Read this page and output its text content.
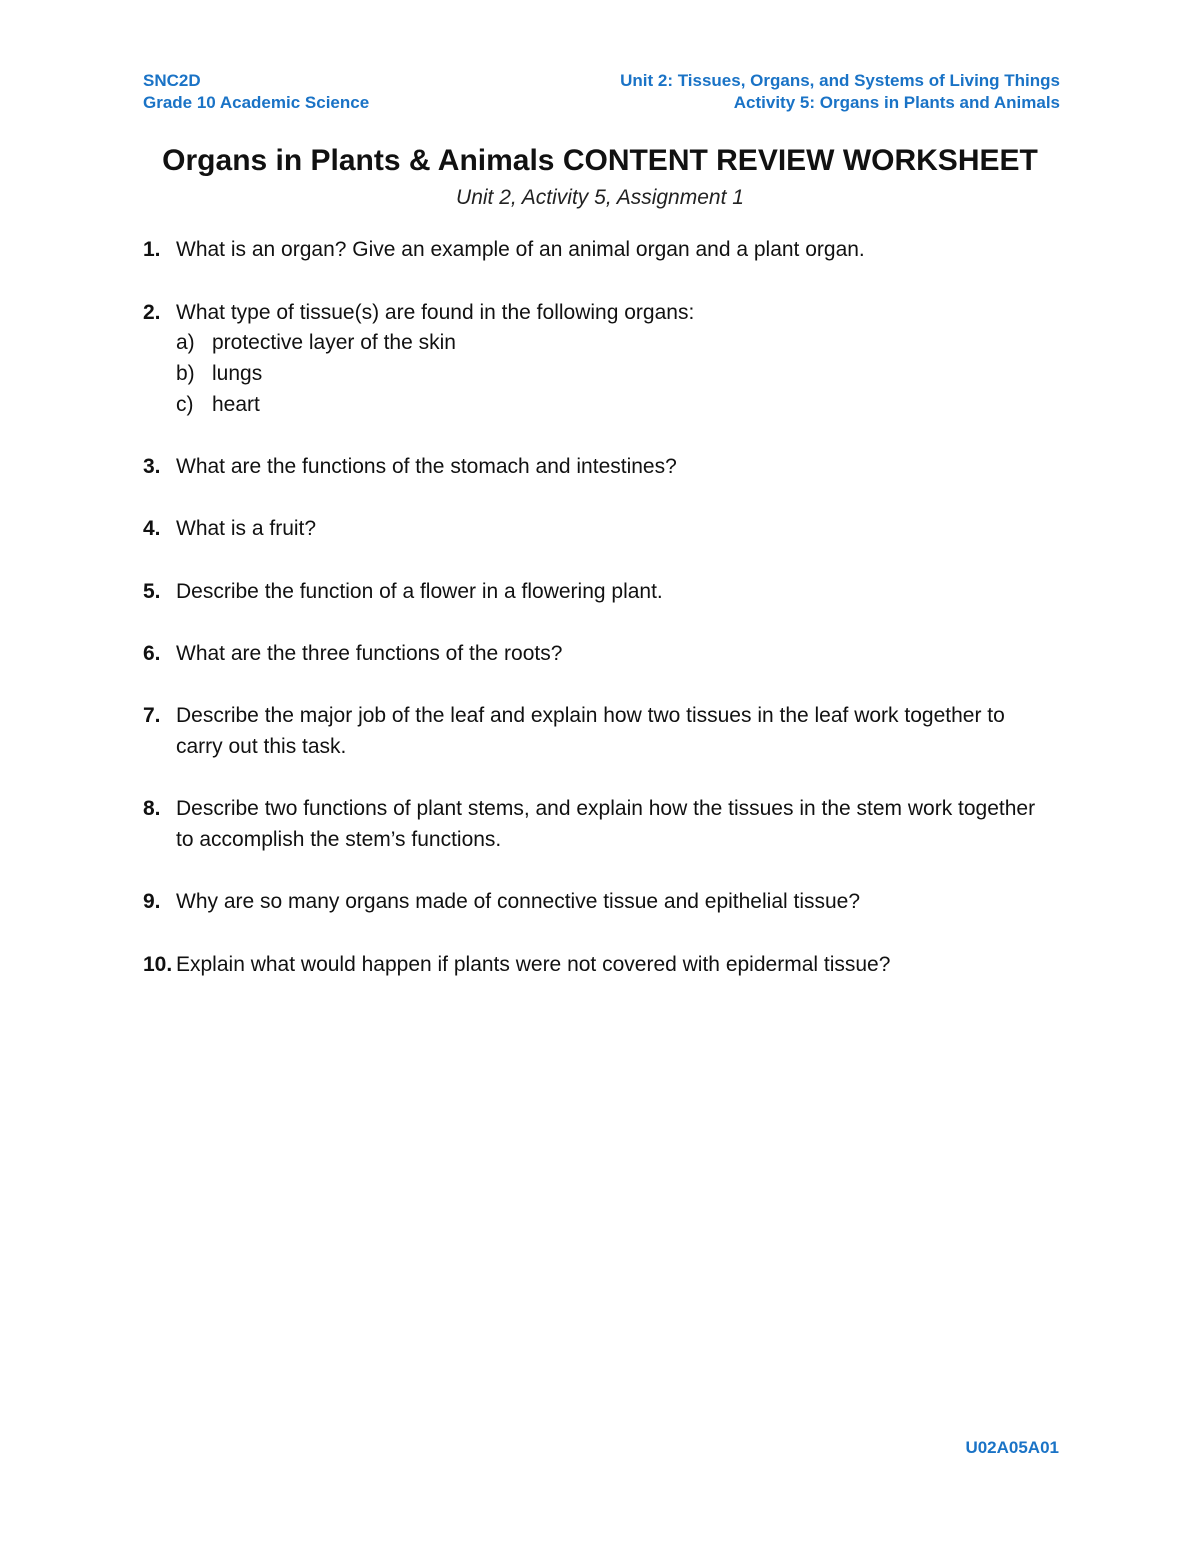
SNC2D
Grade 10 Academic Science
Unit 2: Tissues, Organs, and Systems of Living Things
Activity 5: Organs in Plants and Animals
Organs in Plants & Animals CONTENT REVIEW WORKSHEET
Unit 2, Activity 5, Assignment 1
1. What is an organ? Give an example of an animal organ and a plant organ.
2. What type of tissue(s) are found in the following organs:
a) protective layer of the skin
b) lungs
c) heart
3. What are the functions of the stomach and intestines?
4. What is a fruit?
5. Describe the function of a flower in a flowering plant.
6. What are the three functions of the roots?
7. Describe the major job of the leaf and explain how two tissues in the leaf work together to carry out this task.
8. Describe two functions of plant stems, and explain how the tissues in the stem work together to accomplish the stem’s functions.
9. Why are so many organs made of connective tissue and epithelial tissue?
10. Explain what would happen if plants were not covered with epidermal tissue?
U02A05A01
